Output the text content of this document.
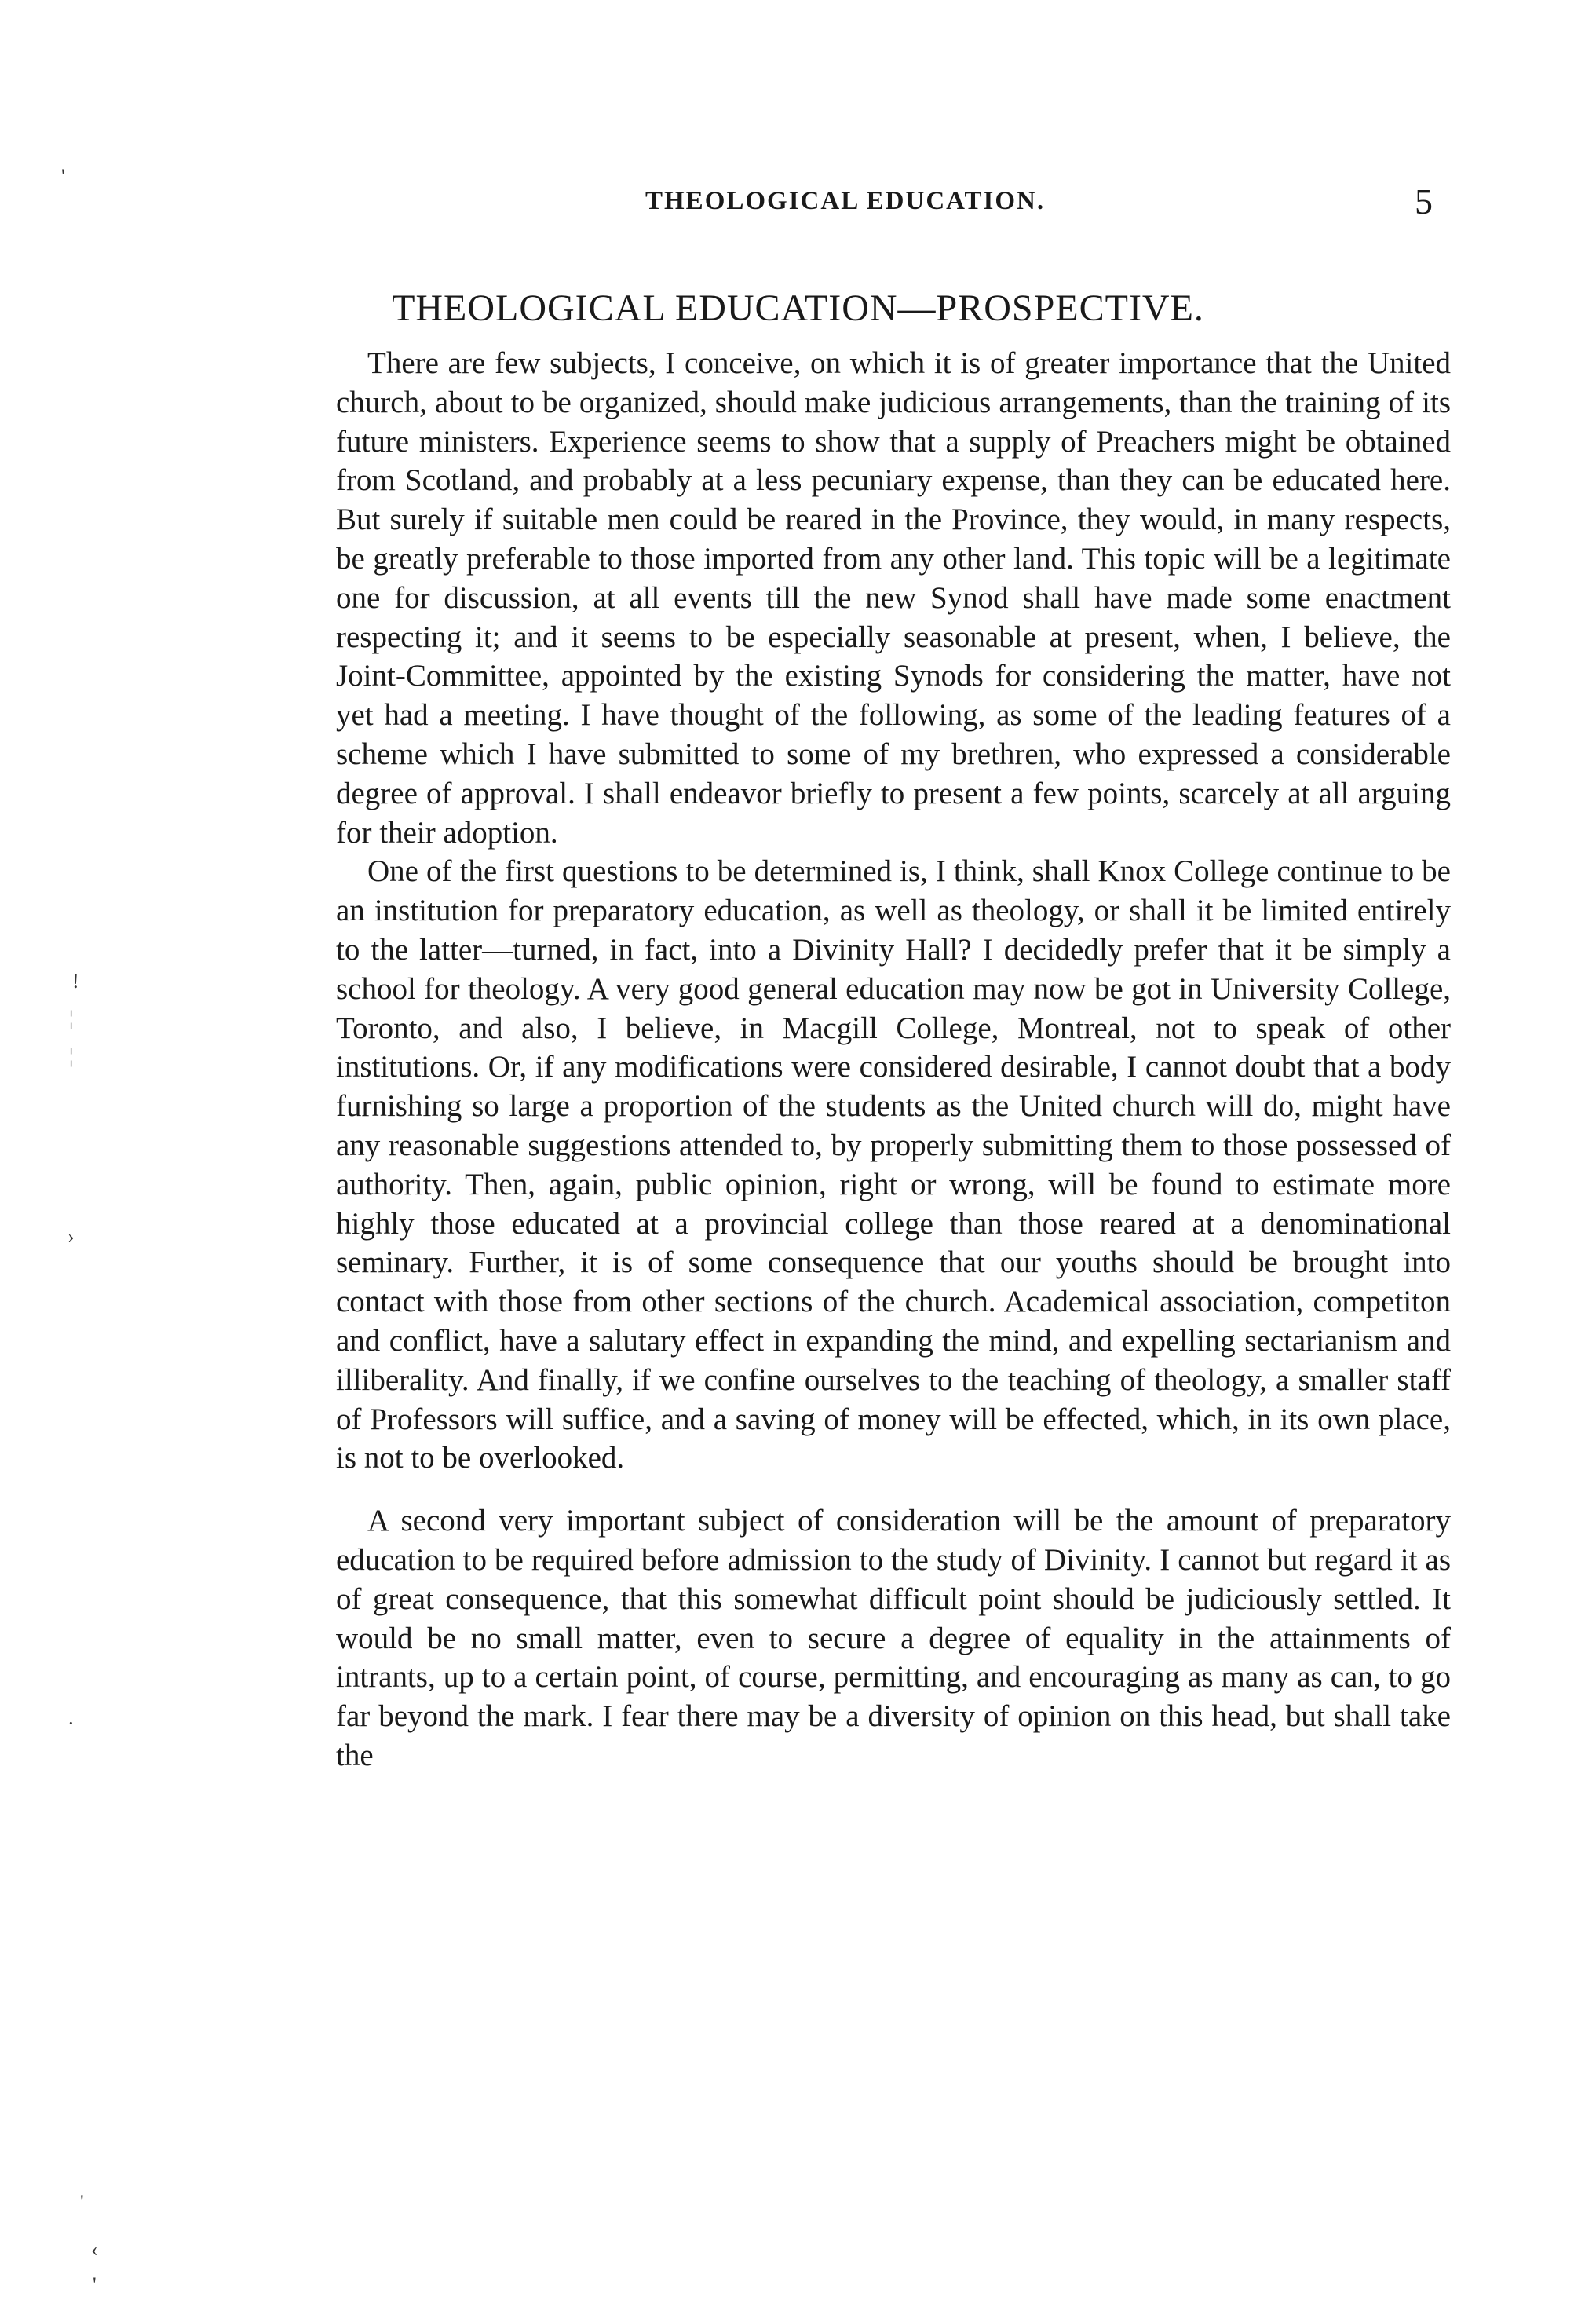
THEOLOGICAL EDUCATION.	5
THEOLOGICAL EDUCATION—PROSPECTIVE.

There are few subjects, I conceive, on which it is of greater importance that the United church, about to be organized, should make judicious arrangements, than the training of its future ministers. Experience seems to show that a supply of Preachers might be obtained from Scotland, and probably at a less pecuniary expense, than they can be educated here. But surely if suitable men could be reared in the Province, they would, in many respects, be greatly preferable to those imported from any other land. This topic will be a legitimate one for discussion, at all events till the new Synod shall have made some enactment respecting it; and it seems to be especially seasonable at present, when, I believe, the Joint-Committee, appointed by the existing Synods for considering the matter, have not yet had a meeting. I have thought of the following, as some of the leading features of a scheme which I have submitted to some of my brethren, who expressed a considerable degree of approval. I shall endeavor briefly to present a few points, scarcely at all arguing for their adoption.

One of the first questions to be determined is, I think, shall Knox College continue to be an institution for preparatory education, as well as theology, or shall it be limited entirely to the latter—turned, in fact, into a Divinity Hall? I decidedly prefer that it be simply a school for theology. A very good general education may now be got in University College, Toronto, and also, I believe, in Macgill College, Montreal, not to speak of other institutions. Or, if any modifications were considered desirable, I cannot doubt that a body furnishing so large a proportion of the students as the United church will do, might have any reasonable suggestions attended to, by properly submitting them to those possessed of authority. Then, again, public opinion, right or wrong, will be found to estimate more highly those educated at a provincial college than those reared at a denominational seminary. Further, it is of some consequence that our youths should be brought into contact with those from other sections of the church. Academical association, competiton and conflict, have a salutary effect in expanding the mind, and expelling sectarianism and illiberality. And finally, if we confine ourselves to the teaching of theology, a smaller staff of Professors will suffice, and a saving of money will be effected, which, in its own place, is not to be overlooked.

A second very important subject of consideration will be the amount of preparatory education to be required before admission to the study of Divinity. I cannot but regard it as of great consequence, that this somewhat difficult point should be judiciously settled. It would be no small matter, even to secure a degree of equality in the attainments of intrants, up to a certain point, of course, permitting, and encouraging as many as can, to go far beyond the mark. I fear there may be a diversity of opinion on this head, but shall take the

'
!
¦
¦
›
·
'
‹
'
